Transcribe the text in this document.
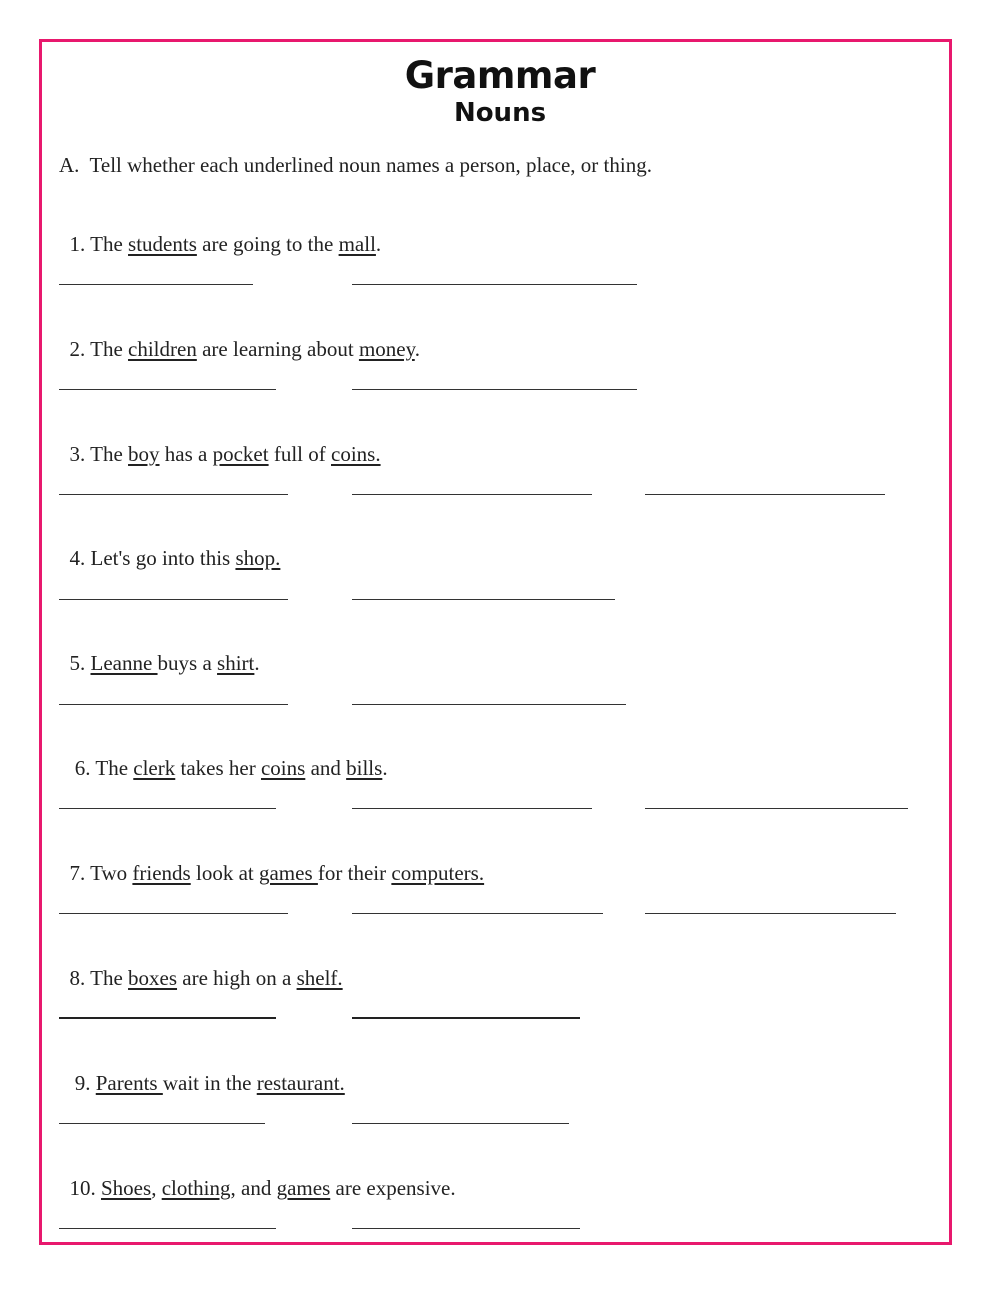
Grammar
Nouns
A.  Tell whether each underlined noun names a person, place, or thing.

1. The students are going to the mall.

2. The children are learning about money.

3. The boy has a pocket full of coins.

4. Let's go into this shop.

5. Leanne buys a shirt.

6. The clerk takes her coins and bills.

7. Two friends look at games for their computers.

8. The boxes are high on a shelf.

9. Parents wait in the restaurant.

10. Shoes, clothing, and games are expensive.
